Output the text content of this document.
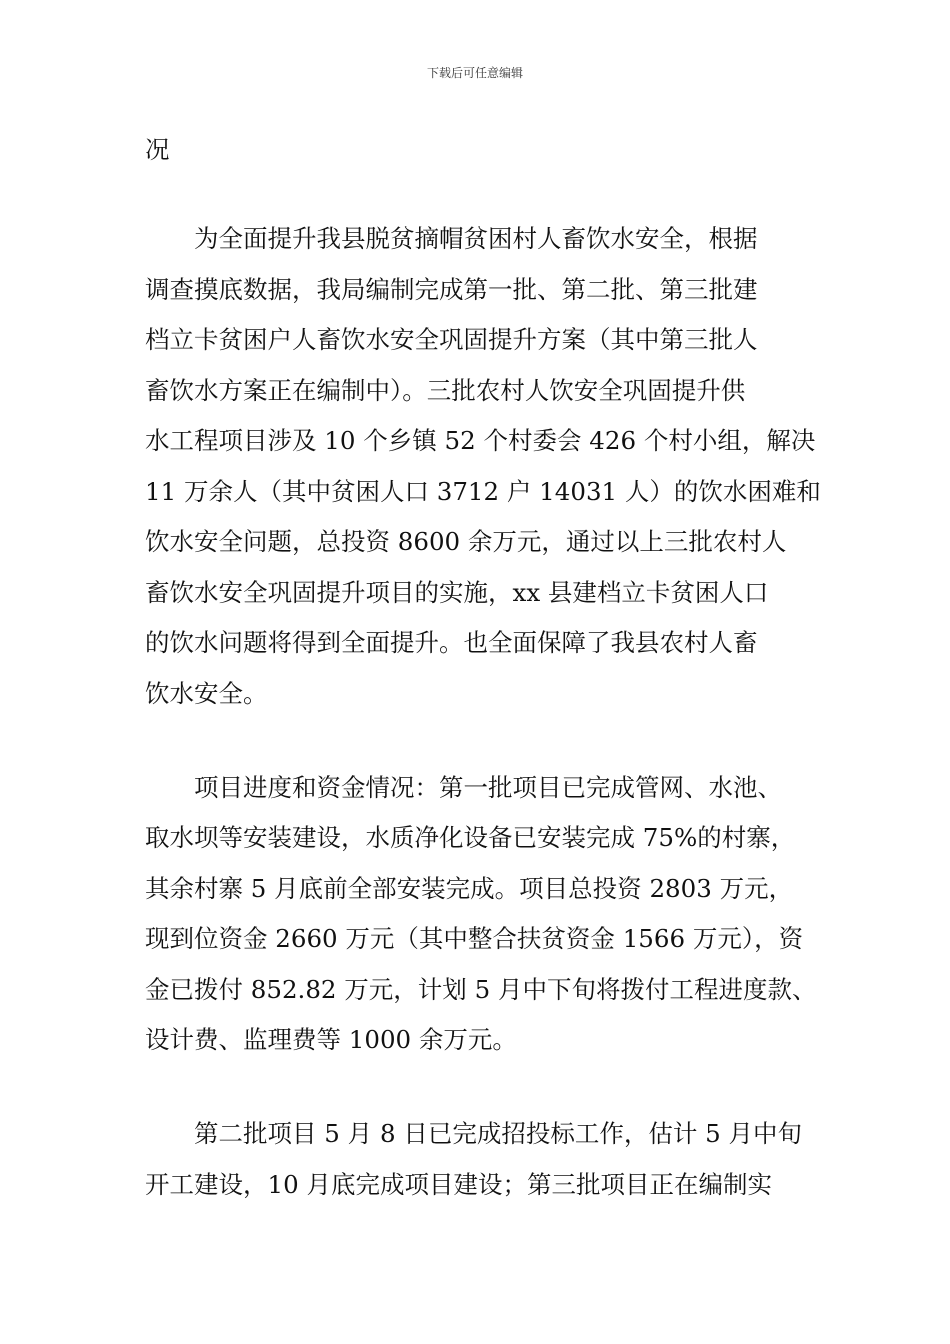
下载后可任意编辑
况
　　为全面提升我县脱贫摘帽贫困村人畜饮水安全，根据
调查摸底数据，我局编制完成第一批、第二批、第三批建
档立卡贫困户人畜饮水安全巩固提升方案（其中第三批人
畜饮水方案正在编制中）。三批农村人饮安全巩固提升供
水工程项目涉及 10 个乡镇 52 个村委会 426 个村小组，解决
11 万余人（其中贫困人口 3712 户 14031 人）的饮水困难和
饮水安全问题，总投资 8600 余万元，通过以上三批农村人
畜饮水安全巩固提升项目的实施，xx 县建档立卡贫困人口
的饮水问题将得到全面提升。也全面保障了我县农村人畜
饮水安全。
　　项目进度和资金情况：第一批项目已完成管网、水池、
取水坝等安装建设，水质净化设备已安装完成 75%的村寨，
其余村寨 5 月底前全部安装完成。项目总投资 2803 万元，
现到位资金 2660 万元（其中整合扶贫资金 1566 万元），资
金已拨付 852.82 万元，计划 5 月中下旬将拨付工程进度款、
设计费、监理费等 1000 余万元。
　　第二批项目 5 月 8 日已完成招投标工作，估计 5 月中旬
开工建设，10 月底完成项目建设；第三批项目正在编制实
